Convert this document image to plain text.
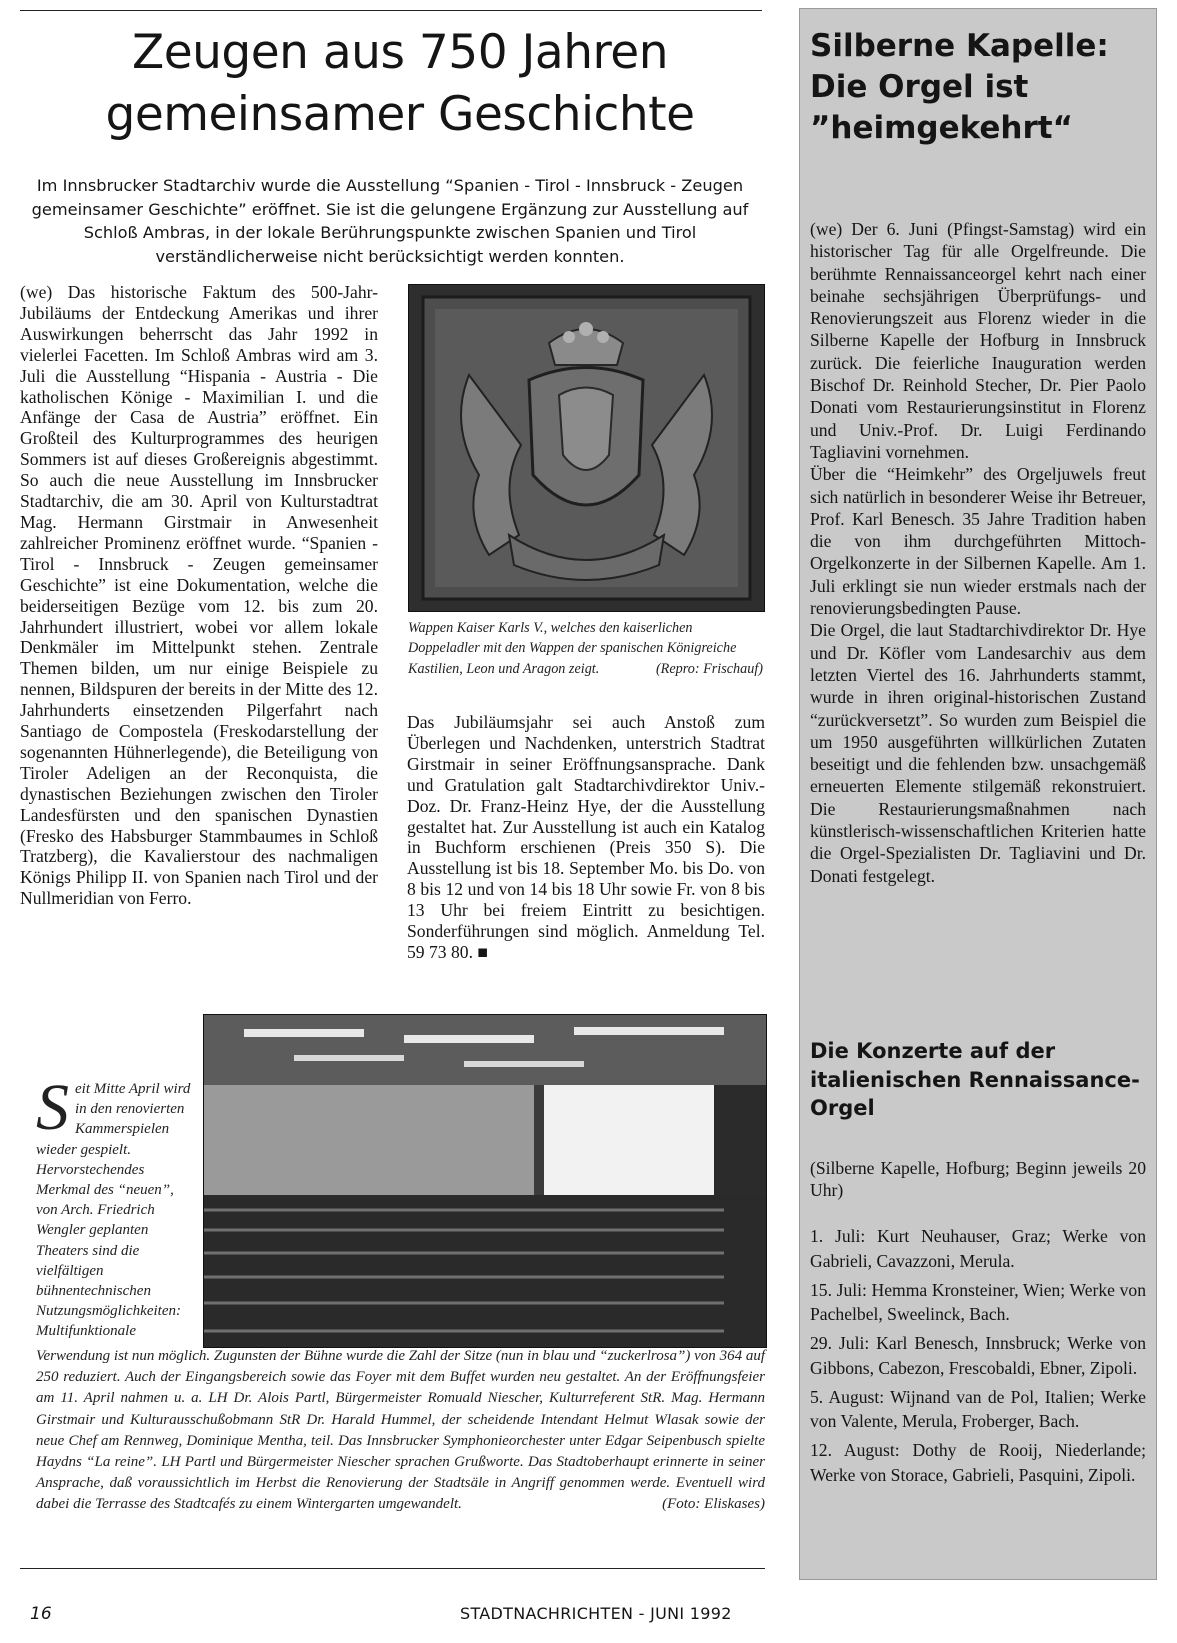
Zeugen aus 750 Jahren gemeinsamer Geschichte

Im Innsbrucker Stadtarchiv wurde die Ausstellung “Spanien - Tirol - Innsbruck - Zeugen gemeinsamer Geschichte” eröffnet. Sie ist die gelungene Ergänzung zur Ausstellung auf Schloß Ambras, in der lokale Berührungspunkte zwischen Spanien und Tirol verständlicherweise nicht berücksichtigt werden konnten.

(we) Das historische Faktum des 500-Jahr-Jubiläums der Entdeckung Amerikas und ihrer Auswirkungen beherrscht das Jahr 1992 in vielerlei Facetten. Im Schloß Ambras wird am 3. Juli die Ausstellung “Hispania - Austria - Die katholischen Könige - Maximilian I. und die Anfänge der Casa de Austria” eröffnet. Ein Großteil des Kulturprogrammes des heurigen Sommers ist auf dieses Großereignis abgestimmt. So auch die neue Ausstellung im Innsbrucker Stadtarchiv, die am 30. April von Kulturstadtrat Mag. Hermann Girstmair in Anwesenheit zahlreicher Prominenz eröffnet wurde. “Spanien - Tirol - Innsbruck - Zeugen gemeinsamer Geschichte” ist eine Dokumentation, welche die beiderseitigen Bezüge vom 12. bis zum 20. Jahrhundert illustriert, wobei vor allem lokale Denkmäler im Mittelpunkt stehen. Zentrale Themen bilden, um nur einige Beispiele zu nennen, Bildspuren der bereits in der Mitte des 12. Jahrhunderts einsetzenden Pilgerfahrt nach Santiago de Compostela (Freskodarstellung der sogenannten Hühnerlegende), die Beteiligung von Tiroler Adeligen an der Reconquista, die dynastischen Beziehungen zwischen den Tiroler Landesfürsten und den spanischen Dynastien (Fresko des Habsburger Stammbaumes in Schloß Tratzberg), die Kavalierstour des nachmaligen Königs Philipp II. von Spanien nach Tirol und der Nullmeridian von Ferro.

Wappen Kaiser Karls V., welches den kaiserlichen Doppeladler mit den Wappen der spanischen Königreiche Kastilien, Leon und Aragon zeigt.	(Repro: Frischauf)

Das Jubiläumsjahr sei auch Anstoß zum Überlegen und Nachdenken, unterstrich Stadtrat Girstmair in seiner Eröffnungsansprache. Dank und Gratulation galt Stadtarchivdirektor Univ.-Doz. Dr. Franz-Heinz Hye, der die Ausstellung gestaltet hat. Zur Ausstellung ist auch ein Katalog in Buchform erschienen (Preis 350 S). Die Ausstellung ist bis 18. September Mo. bis Do. von 8 bis 12 und von 14 bis 18 Uhr sowie Fr. von 8 bis 13 Uhr bei freiem Eintritt zu besichtigen. Sonderführungen sind möglich. Anmeldung Tel. 59 73 80. ■

S eit Mitte April wird in den renovierten Kammerspielen wieder gespielt. Hervorstechendes Merkmal des “neuen”, von Arch. Friedrich Wengler geplanten Theaters sind die vielfältigen bühnentechnischen Nutzungsmöglichkeiten: Multifunktionale

Verwendung ist nun möglich. Zugunsten der Bühne wurde die Zahl der Sitze (nun in blau und “zuckerlrosa”) von 364 auf 250 reduziert. Auch der Eingangsbereich sowie das Foyer mit dem Buffet wurden neu gestaltet. An der Eröffnungsfeier am 11. April nahmen u. a. LH Dr. Alois Partl, Bürgermeister Romuald Niescher, Kulturreferent StR. Mag. Hermann Girstmair und Kulturausschußobmann StR Dr. Harald Hummel, der scheidende Intendant Helmut Wlasak sowie der neue Chef am Rennweg, Dominique Mentha, teil. Das Innsbrucker Symphonieorchester unter Edgar Seipenbusch spielte Haydns “La reine”. LH Partl und Bürgermeister Niescher sprachen Grußworte. Das Stadtoberhaupt erinnerte in seiner Ansprache, daß voraussichtlich im Herbst die Renovierung der Stadtsäle in Angriff genommen werde. Eventuell wird dabei die Terrasse des Stadtcafés zu einem Wintergarten umgewandelt.	(Foto: Eliskases)

Silberne Kapelle: Die Orgel ist ”heimgekehrt“

(we) Der 6. Juni (Pfingst-Samstag) wird ein historischer Tag für alle Orgelfreunde. Die berühmte Rennaissanceorgel kehrt nach einer beinahe sechsjährigen Überprüfungs- und Renovierungszeit aus Florenz wieder in die Silberne Kapelle der Hofburg in Innsbruck zurück. Die feierliche Inauguration werden Bischof Dr. Reinhold Stecher, Dr. Pier Paolo Donati vom Restaurierungsinstitut in Florenz und Univ.-Prof. Dr. Luigi Ferdinando Tagliavini vornehmen.

Über die “Heimkehr” des Orgeljuwels freut sich natürlich in besonderer Weise ihr Betreuer, Prof. Karl Benesch. 35 Jahre Tradition haben die von ihm durchgeführten Mittoch-Orgelkonzerte in der Silbernen Kapelle. Am 1. Juli erklingt sie nun wieder erstmals nach der renovierungsbedingten Pause.

Die Orgel, die laut Stadtarchivdirektor Dr. Hye und Dr. Köfler vom Landesarchiv aus dem letzten Viertel des 16. Jahrhunderts stammt, wurde in ihren original-historischen Zustand “zurückversetzt”. So wurden zum Beispiel die um 1950 ausgeführten willkürlichen Zutaten beseitigt und die fehlenden bzw. unsachgemäß erneuerten Elemente stilgemäß rekonstruiert. Die Restaurierungsmaßnahmen nach künstlerisch-wissenschaftlichen Kriterien hatte die Orgel-Spezialisten Dr. Tagliavini und Dr. Donati festgelegt.

Die Konzerte auf der italienischen Rennaissance-Orgel

(Silberne Kapelle, Hofburg; Beginn jeweils 20 Uhr)

1. Juli: Kurt Neuhauser, Graz; Werke von Gabrieli, Cavazzoni, Merula.
15. Juli: Hemma Kronsteiner, Wien; Werke von Pachelbel, Sweelinck, Bach.
29. Juli: Karl Benesch, Innsbruck; Werke von Gibbons, Cabezon, Frescobaldi, Ebner, Zipoli.
5. August: Wijnand van de Pol, Italien; Werke von Valente, Merula, Froberger, Bach.
12. August: Dothy de Rooij, Niederlande; Werke von Storace, Gabrieli, Pasquini, Zipoli.
16	STADTNACHRICHTEN - JUNI 1992
